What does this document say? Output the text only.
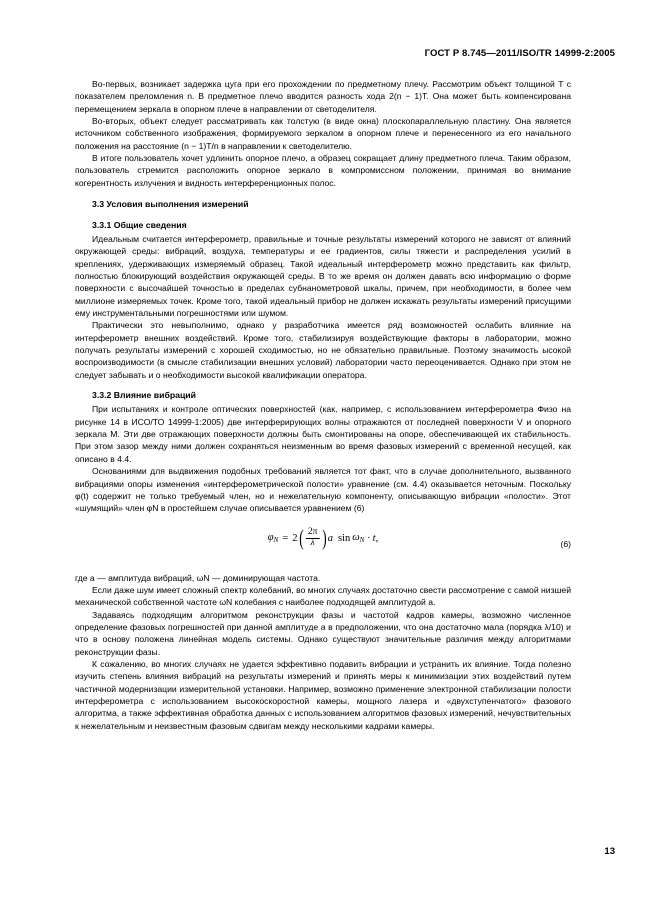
ГОСТ Р 8.745—2011/ISO/TR 14999-2:2005

Во-первых, возникает задержка цуга при его прохождении по предметному плечу. Рассмотрим объект толщиной T с показателем преломления n. В предметное плечо вводится разность хода 2(n − 1)T. Она может быть компенсирована перемещением зеркала в опорном плече в направлении от светоделителя.

Во-вторых, объект следует рассматривать как толстую (в виде окна) плоскопараллельную пластину. Она является источником собственного изображения, формируемого зеркалом в опорном плече и перенесенного из его начального положения на расстояние (n − 1)T/n в направлении к светоделителю.

В итоге пользователь хочет удлинить опорное плечо, а образец сокращает длину предметного плеча. Таким образом, пользователь стремится расположить опорное зеркало в компромиссном положении, принимая во внимание когерентность излучения и видность интерференционных полос.

3.3 Условия выполнения измерений
3.3.1 Общие сведения

Идеальным считается интерферометр, правильные и точные результаты измерений которого не зависят от влияний окружающей среды: вибраций, воздуха, температуры и ее градиентов, силы тяжести и распределения усилий в креплениях, удерживающих измеряемый образец. Такой идеальный интерферометр можно представить как фильтр, полностью блокирующий воздействия окружающей среды. В то же время он должен давать всю информацию о форме поверхности с высочайшей точностью в пределах субнанометровой шкалы, причем, при необходимости, в более чем миллионе измеряемых точек. Кроме того, такой идеальный прибор не должен искажать результаты измерений присущими ему инструментальными погрешностями или шумом.

Практически это невыполнимо, однако у разработчика имеется ряд возможностей ослабить влияние на интерферометр внешних воздействий. Кроме того, стабилизируя воздействующие факторы в лаборатории, можно получать результаты измерений с хорошей сходимостью, но не обязательно правильные. Поэтому значимость ысокой воспроизводимости (в смысле стабилизации внешних условий) лаборатории часто переоценивается. Однако при этом не следует забывать и о необходимости высокой квалификации оператора.

3.3.2 Влияние вибраций

При испытаниях и контроле оптических поверхностей (как, например, с использованием интерферометра Физо на рисунке 14 в ИСО/ТО 14999-1:2005) две интерферирующих волны отражаются от последней поверхности V и опорного зеркала M. Эти две отражающих поверхности должны быть смонтированы на опоре, обеспечивающей их стабильность. При этом зазор между ними должен сохраняться неизменным во время фазовых измерений с временной несущей, как описано в 4.4.

Основаниями для выдвижения подобных требований является тот факт, что в случае дополнительного, вызванного вибрациями опоры изменения «интерферометрической полости» уравнение (см. 4.4) оказывается неточным. Поскольку φ(t) содержит не только требуемый член, но и нежелательную компоненту, описывающую вибрации «полости». Этот «шумящий» член φN в простейшем случае описывается уравнением (6)

$\varphi_N = 2$ ( $\frac{2\pi}{\lambda}$ ) a $\sin \omega_N \cdot t$,
(6)

где a — амплитуда вибраций, ωN — доминирующая частота.

Если даже шум имеет сложный спектр колебаний, во многих случаях достаточно свести рассмотрение с самой низшей механической собственной частоте ωN колебания с наиболее подходящей амплитудой a.

Задаваясь подходящим алгоритмом реконструкции фазы и частотой кадров камеры, возможно численное определение фазовых погрешностей при данной амплитуде a в предположении, что она достаточно мала (порядка λ/10) и что в основу положена линейная модель системы. Однако существуют значительные различия между алгоритмами реконструкции фазы.

К сожалению, во многих случаях не удается эффективно подавить вибрации и устранить их влияние. Тогда полезно изучить степень влияния вибраций на результаты измерений и принять меры к минимизации этих воздействий путем частичной модернизации измерительной установки. Например, возможно применение электронной стабилизации полости интерферометра с использованием высокоскоростной камеры, мощного лазера и «двухступенчатого» фазового алгоритма, а также эффективная обработка данных с использованием алгоритмов фазовых измерений, нечувствительных к нежелательным и неизвестным фазовым сдвигам между несколькими кадрами камеры.

13
